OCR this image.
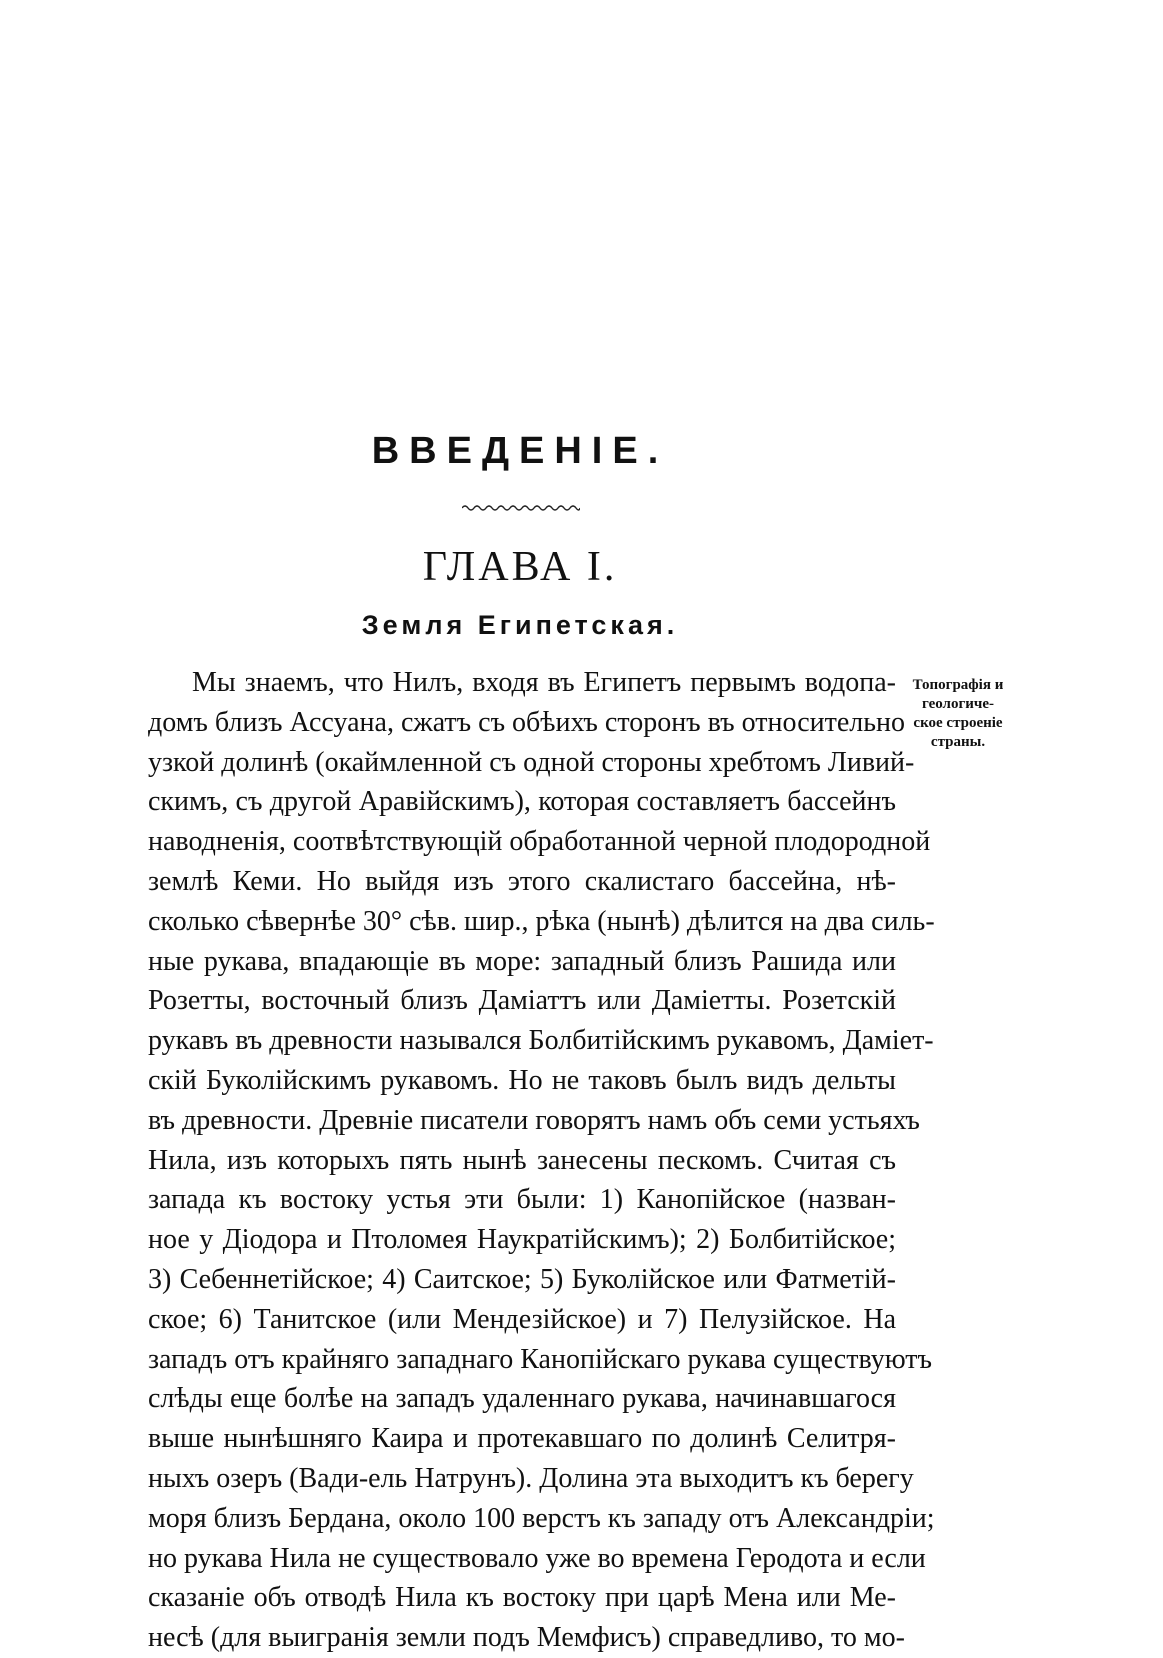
ВВЕДЕНІЕ.
ГЛАВА I.
Земля Египетская.
Топографія и
геологиче-
ское строеніе
страны.
Мы знаемъ, что Нилъ, входя въ Египетъ первымъ водопа-
домъ близъ Ассуана, сжатъ съ обѣихъ сторонъ въ относительно
узкой долинѣ (окаймленной съ одной стороны хребтомъ Ливий-
скимъ, съ другой Аравійскимъ), которая составляетъ бассейнъ
наводненія, соотвѣтствующій обработанной черной плодородной
землѣ Кеми. Но выйдя изъ этого скалистаго бассейна, нѣ-
сколько сѣвернѣе 30° сѣв. шир., рѣка (нынѣ) дѣлится на два силь-
ные рукава, впадающіе въ море: западный близъ Рашида или
Розетты, восточный близъ Даміаттъ или Даміетты. Розетскій
рукавъ въ древности назывался Болбитійскимъ рукавомъ, Даміет-
скій Буколійскимъ рукавомъ. Но не таковъ былъ видъ дельты
въ древности. Древніе писатели говорятъ намъ объ семи устьяхъ
Нила, изъ которыхъ пять нынѣ занесены пескомъ. Считая съ
запада къ востоку устья эти были: 1) Канопійское (назван-
ное у Діодора и Птоломея Наукратійскимъ); 2) Болбитійское;
3) Себеннетійское; 4) Саитское; 5) Буколійское или Фатметій-
ское; 6) Танитское (или Мендезійское) и 7) Пелузійское. На
западъ отъ крайняго западнаго Канопійскаго рукава существуютъ
слѣды еще болѣе на западъ удаленнаго рукава, начинавшагося
выше нынѣшняго Каира и протекавшаго по долинѣ Селитря-
ныхъ озеръ (Вади-ель Натрунъ). Долина эта выходитъ къ берегу
моря близъ Бердана, около 100 верстъ къ западу отъ Александріи;
но рукава Нила не существовало уже во времена Геродота и если
сказаніе объ отводѣ Нила къ востоку при царѣ Мена или Ме-
несѣ (для выигранія земли подъ Мемфисъ) справедливо, то мо-
